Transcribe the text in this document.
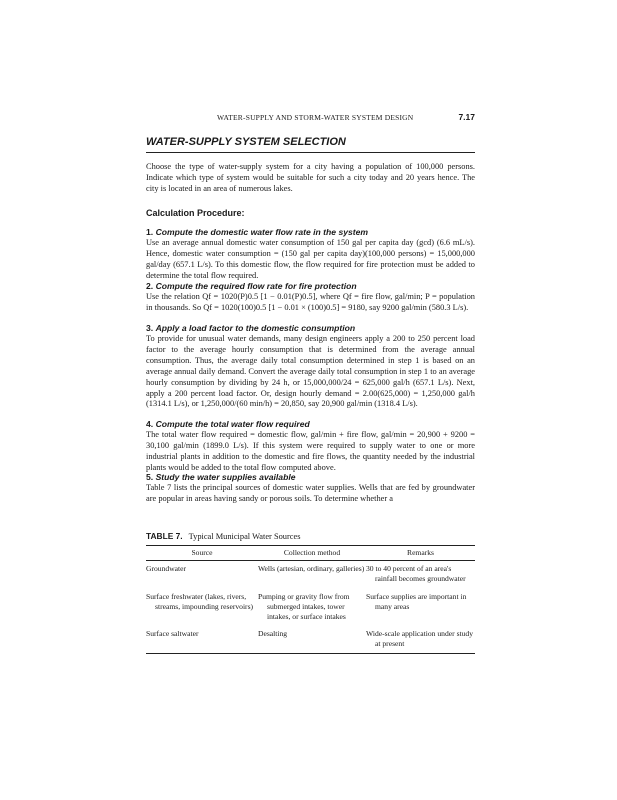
WATER-SUPPLY AND STORM-WATER SYSTEM DESIGN	7.17
WATER-SUPPLY SYSTEM SELECTION

Choose the type of water-supply system for a city having a population of 100,000 persons. Indicate which type of system would be suitable for such a city today and 20 years hence. The city is located in an area of numerous lakes.

Calculation Procedure:
1. Compute the domestic water flow rate in the system

Use an average annual domestic water consumption of 150 gal per capita day (gcd) (6.6 mL/s). Hence, domestic water consumption = (150 gal per capita day)(100,000 persons) = 15,000,000 gal/day (657.1 L/s). To this domestic flow, the flow required for fire protection must be added to determine the total flow required.

2. Compute the required flow rate for fire protection

Use the relation Qf = 1020(P)0.5 [1 − 0.01(P)0.5], where Qf = fire flow, gal/min; P = population in thousands. So Qf = 1020(100)0.5 [1 − 0.01 × (100)0.5] = 9180, say 9200 gal/min (580.3 L/s).

3. Apply a load factor to the domestic consumption

To provide for unusual water demands, many design engineers apply a 200 to 250 percent load factor to the average hourly consumption that is determined from the average annual consumption. Thus, the average daily total consumption determined in step 1 is based on an average annual daily demand. Convert the average daily total consumption in step 1 to an average hourly consumption by dividing by 24 h, or 15,000,000/24 = 625,000 gal/h (657.1 L/s). Next, apply a 200 percent load factor. Or, design hourly demand = 2.00(625,000) = 1,250,000 gal/h (1314.1 L/s), or 1,250,000/(60 min/h) = 20,850, say 20,900 gal/min (1318.4 L/s).

4. Compute the total water flow required

The total water flow required = domestic flow, gal/min + fire flow, gal/min = 20,900 + 9200 = 30,100 gal/min (1899.0 L/s). If this system were required to supply water to one or more industrial plants in addition to the domestic and fire flows, the quantity needed by the industrial plants would be added to the total flow computed above.

5. Study the water supplies available

Table 7 lists the principal sources of domestic water supplies. Wells that are fed by groundwater are popular in areas having sandy or porous soils. To determine whether a

TABLE 7. Typical Municipal Water Sources
Source	Collection method	Remarks

Groundwater	Wells (artesian, ordinary, galleries)	30 to 40 percent of an area's rainfall becomes groundwater

Surface freshwater (lakes, rivers, streams, impounding reservoirs)	Pumping or gravity flow from submerged intakes, tower intakes, or surface intakes	Surface supplies are important in many areas

Surface saltwater	Desalting	Wide-scale application under study at present
